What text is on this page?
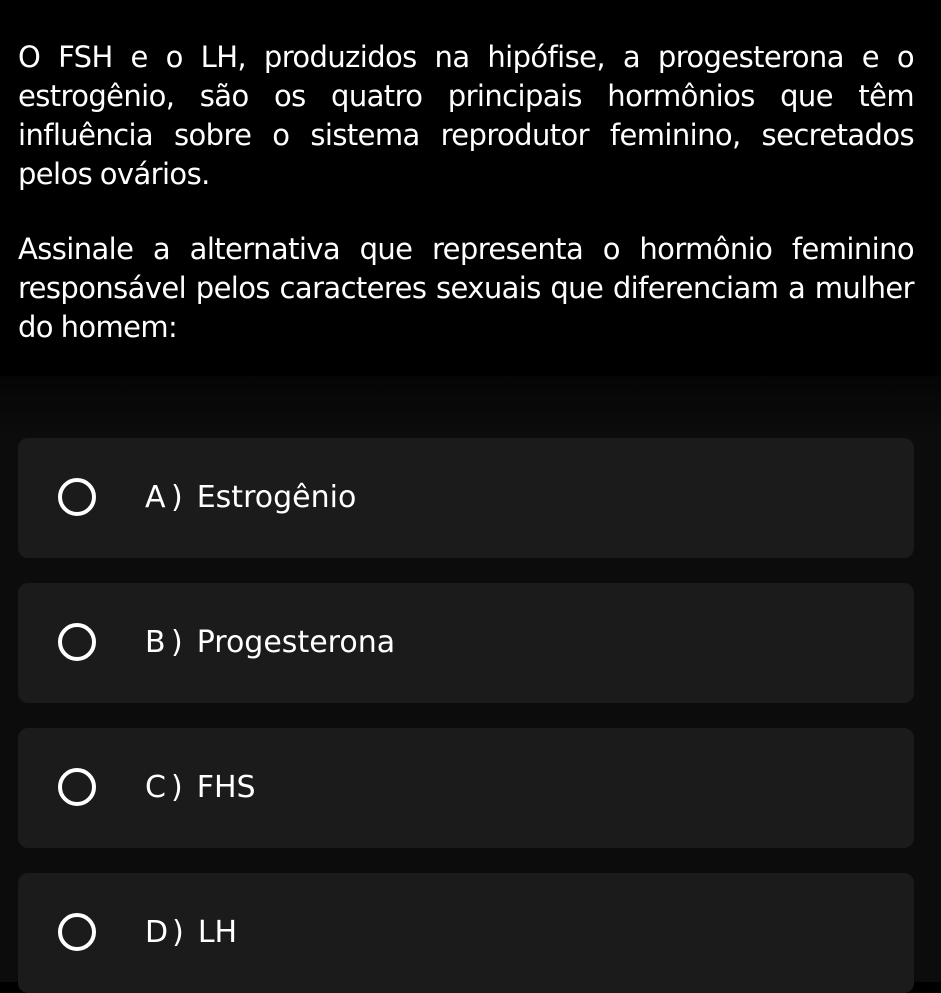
O FSH e o LH, produzidos na hipófise, a progesterona e o estrogênio, são os quatro principais hormônios que têm influência sobre o sistema reprodutor feminino, secretados pelos ovários.

Assinale a alternativa que representa o hormônio feminino responsável pelos caracteres sexuais que diferenciam a mulher do homem:

A ) Estrogênio
B ) Progesterona
C ) FHS
D ) LH
